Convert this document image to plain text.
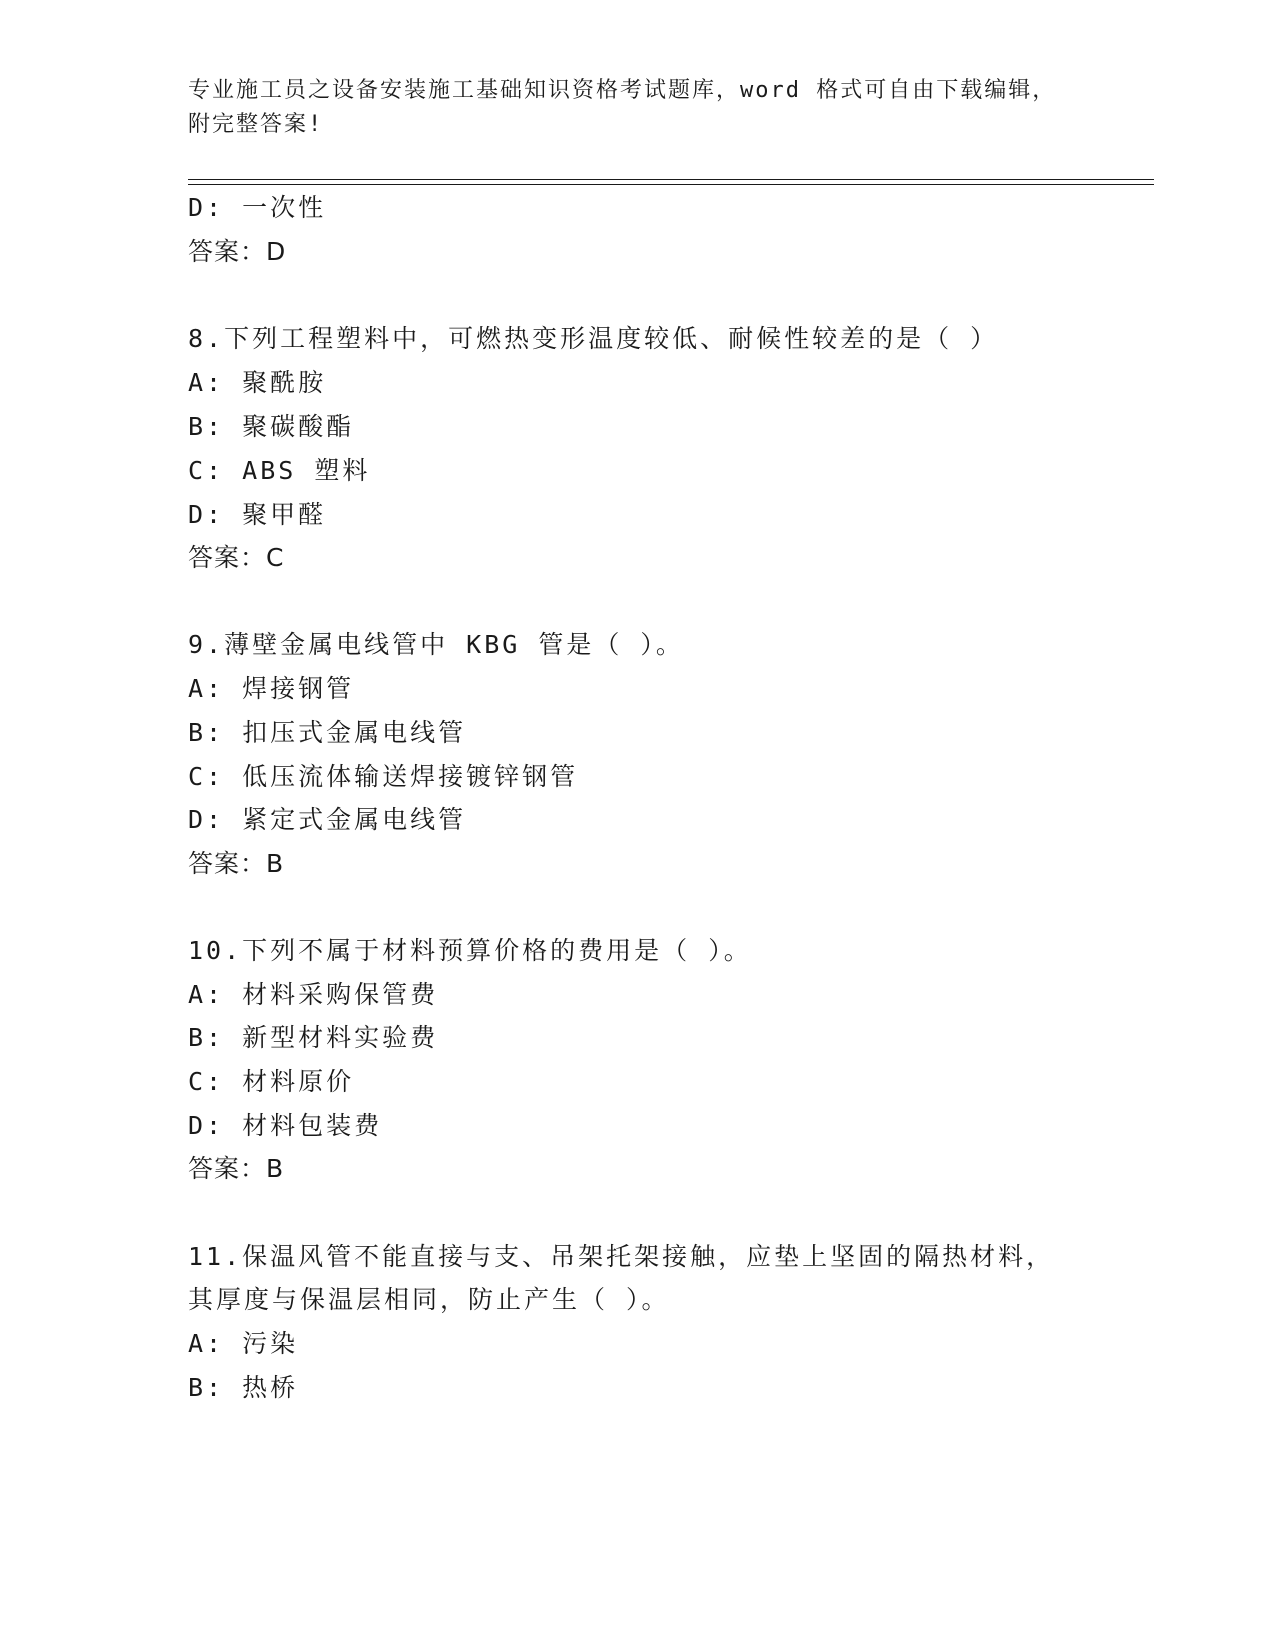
专业施工员之设备安装施工基础知识资格考试题库，word 格式可自由下载编辑，
附完整答案!
D: 一次性
答案：D
8.下列工程塑料中，可燃热变形温度较低、耐候性较差的是（ ）
A: 聚酰胺
B: 聚碳酸酯
C: ABS 塑料
D: 聚甲醛
答案：C
9.薄壁金属电线管中 KBG 管是（ ）。
A: 焊接钢管
B: 扣压式金属电线管
C: 低压流体输送焊接镀锌钢管
D: 紧定式金属电线管
答案：B
10.下列不属于材料预算价格的费用是（ ）。
A: 材料采购保管费
B: 新型材料实验费
C: 材料原价
D: 材料包装费
答案：B
11.保温风管不能直接与支、吊架托架接触，应垫上坚固的隔热材料，
其厚度与保温层相同，防止产生（ ）。
A: 污染
B: 热桥
